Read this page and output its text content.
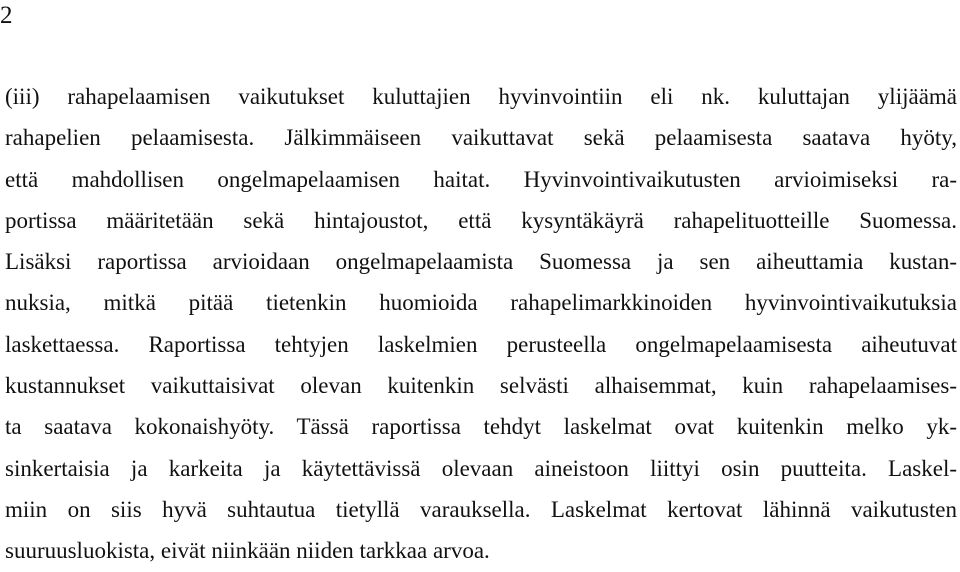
2
(iii) rahapelaamisen vaikutukset kuluttajien hyvinvointiin eli nk. kuluttajan ylijäämä
rahapelien pelaamisesta. Jälkimmäiseen vaikuttavat sekä pelaamisesta saatava hyöty,
että mahdollisen ongelmapelaamisen haitat. Hyvinvointivaikutusten arvioimiseksi ra-
portissa määritetään sekä hintajoustot, että kysyntäkäyrä rahapelituotteille Suomessa.
Lisäksi raportissa arvioidaan ongelmapelaamista Suomessa ja sen aiheuttamia kustan-
nuksia, mitkä pitää tietenkin huomioida rahapelimarkkinoiden hyvinvointivaikutuksia
laskettaessa. Raportissa tehtyjen laskelmien perusteella ongelmapelaamisesta aiheutuvat
kustannukset vaikuttaisivat olevan kuitenkin selvästi alhaisemmat, kuin rahapelaamises-
ta saatava kokonaishyöty. Tässä raportissa tehdyt laskelmat ovat kuitenkin melko yk-
sinkertaisia ja karkeita ja käytettävissä olevaan aineistoon liittyi osin puutteita. Laskel-
miin on siis hyvä suhtautua tietyllä varauksella. Laskelmat kertovat lähinnä vaikutusten
suuruusluokista, eivät niinkään niiden tarkkaa arvoa.
